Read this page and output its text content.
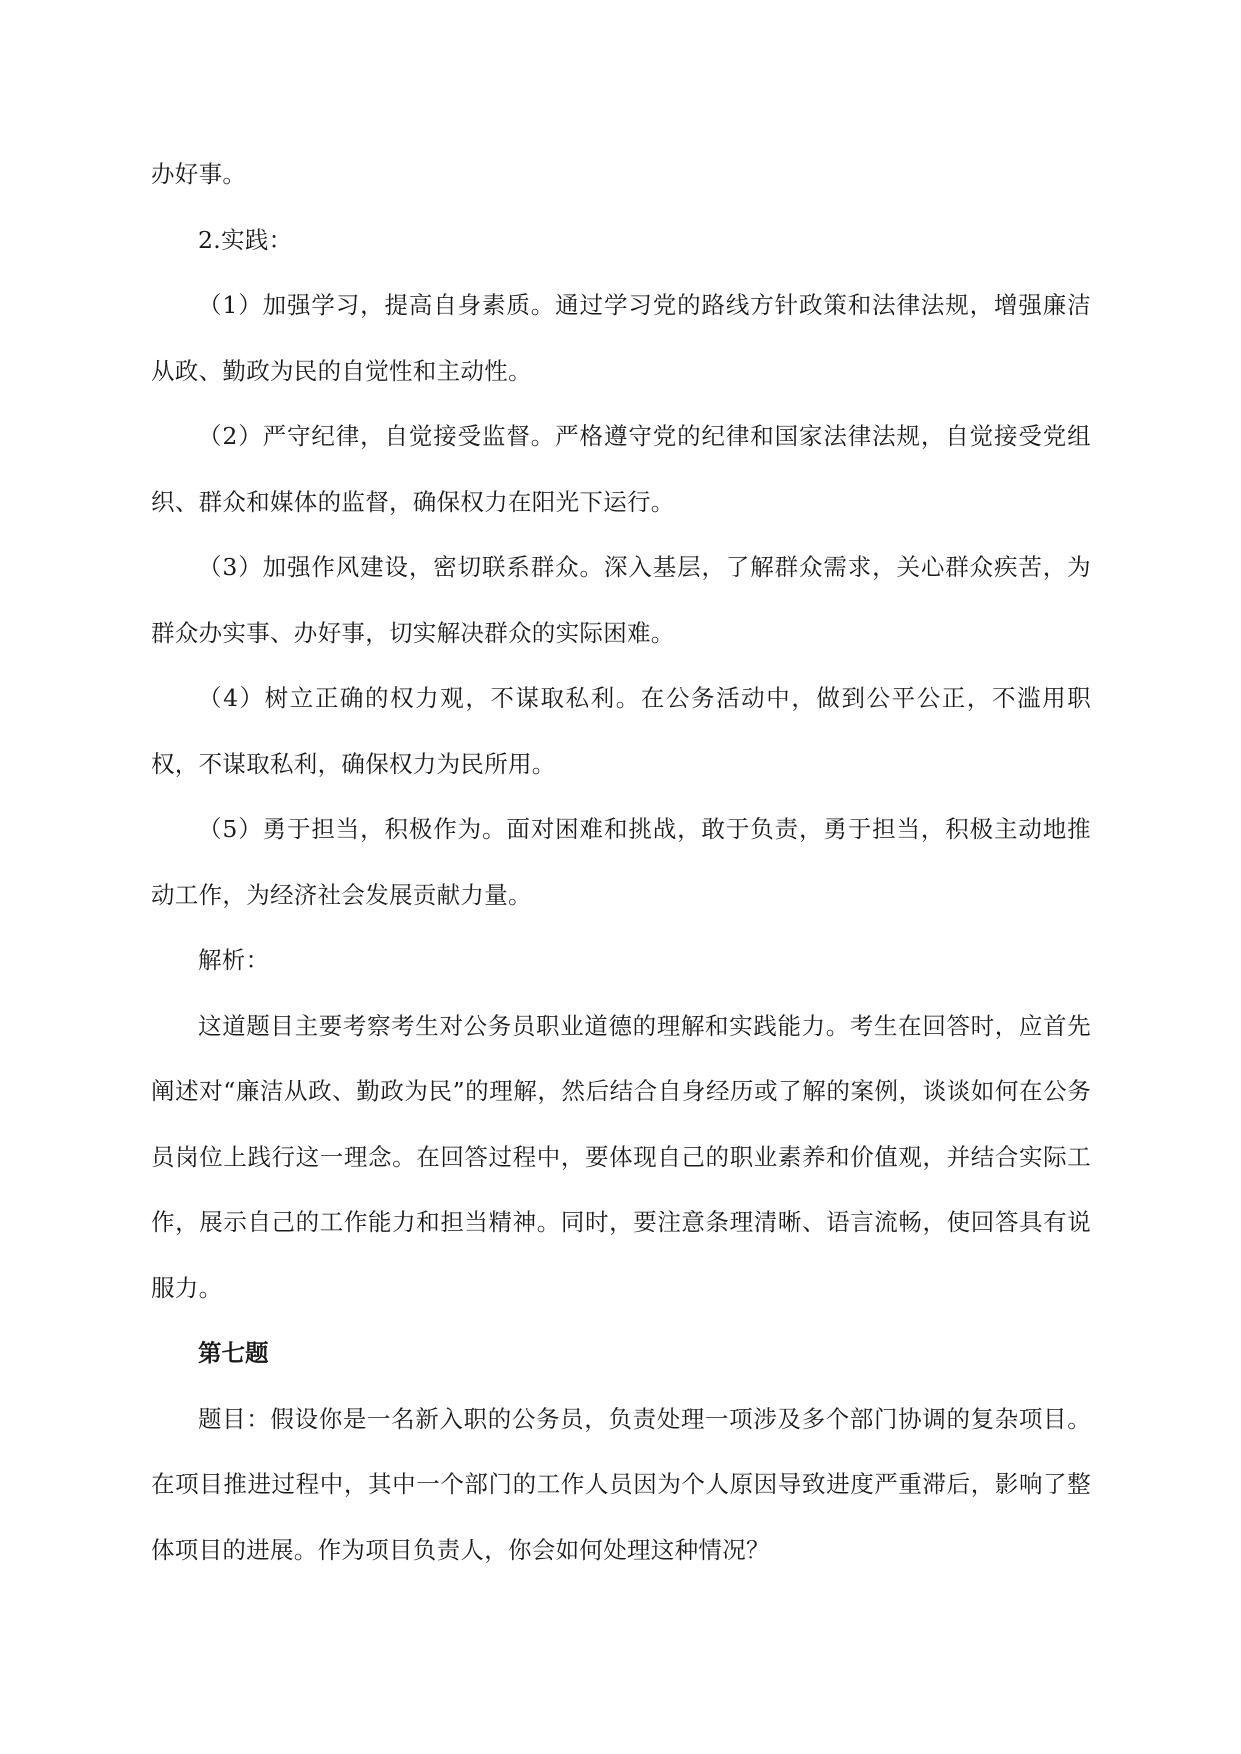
办好事。

2.实践：

（1）加强学习，提高自身素质。通过学习党的路线方针政策和法律法规，增强廉洁从政、勤政为民的自觉性和主动性。

（2）严守纪律，自觉接受监督。严格遵守党的纪律和国家法律法规，自觉接受党组织、群众和媒体的监督，确保权力在阳光下运行。

（3）加强作风建设，密切联系群众。深入基层，了解群众需求，关心群众疾苦，为群众办实事、办好事，切实解决群众的实际困难。

（4）树立正确的权力观，不谋取私利。在公务活动中，做到公平公正，不滥用职权，不谋取私利，确保权力为民所用。

（5）勇于担当，积极作为。面对困难和挑战，敢于负责，勇于担当，积极主动地推动工作，为经济社会发展贡献力量。

解析：

这道题目主要考察考生对公务员职业道德的理解和实践能力。考生在回答时，应首先阐述对“廉洁从政、勤政为民”的理解，然后结合自身经历或了解的案例，谈谈如何在公务员岗位上践行这一理念。在回答过程中，要体现自己的职业素养和价值观，并结合实际工作，展示自己的工作能力和担当精神。同时，要注意条理清晰、语言流畅，使回答具有说服力。

第七题

题目：假设你是一名新入职的公务员，负责处理一项涉及多个部门协调的复杂项目。在项目推进过程中，其中一个部门的工作人员因为个人原因导致进度严重滞后，影响了整体项目的进展。作为项目负责人，你会如何处理这种情况？
